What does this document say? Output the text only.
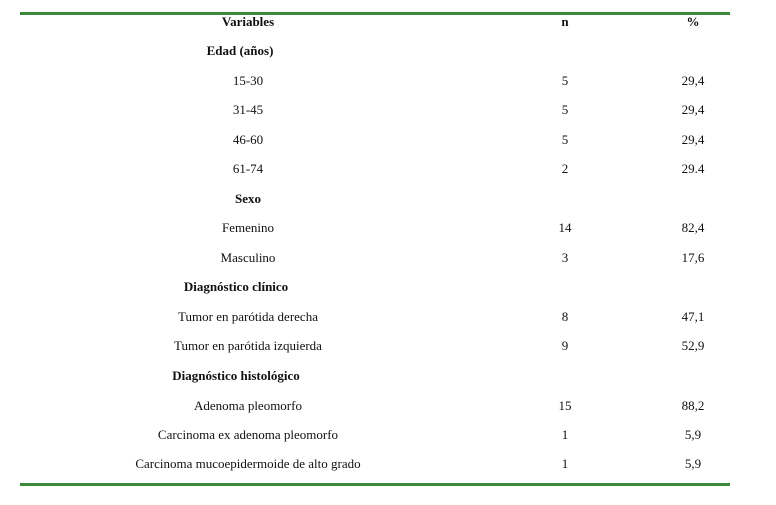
Variables	n	%
Edad (años)
15-30	5	29,4
31-45	5	29,4
46-60	5	29,4
61-74	2	29.4
Sexo
Femenino	14	82,4
Masculino	3	17,6
Diagnóstico clínico
Tumor en parótida derecha	8	47,1
Tumor en parótida izquierda	9	52,9
Diagnóstico histológico
Adenoma pleomorfo	15	88,2
Carcinoma ex adenoma pleomorfo	1	5,9
Carcinoma mucoepidermoide de alto grado	1	5,9
